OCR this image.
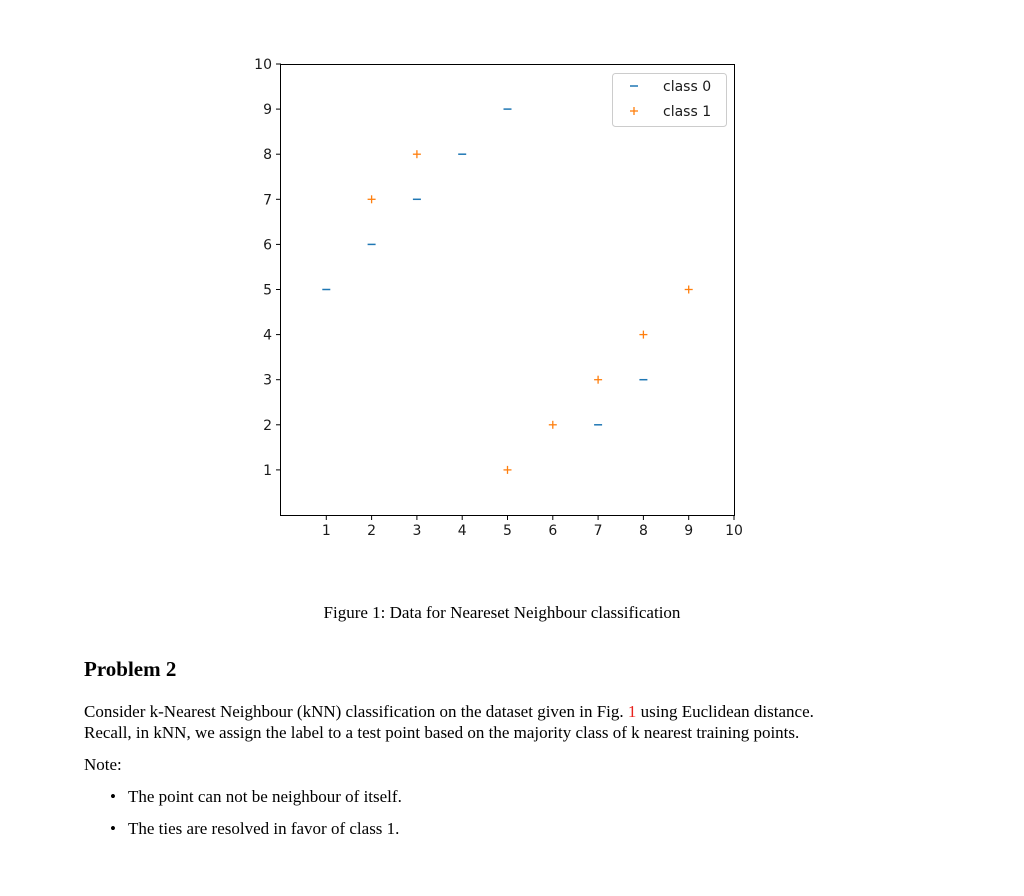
1	2	3	4	5	6	7	8	9 10
1
2
3
4
5
6
7
8
9
10
class 0
class 1
Figure 1: Data for Neareset Neighbour classification
Problem 2
Consider k-Nearest Neighbour (kNN) classification on the dataset given in Fig. 1 using Euclidean distance.
Recall, in kNN, we assign the label to a test point based on the majority class of k nearest training points.
Note:
• The point can not be neighbour of itself.
• The ties are resolved in favor of class 1.
